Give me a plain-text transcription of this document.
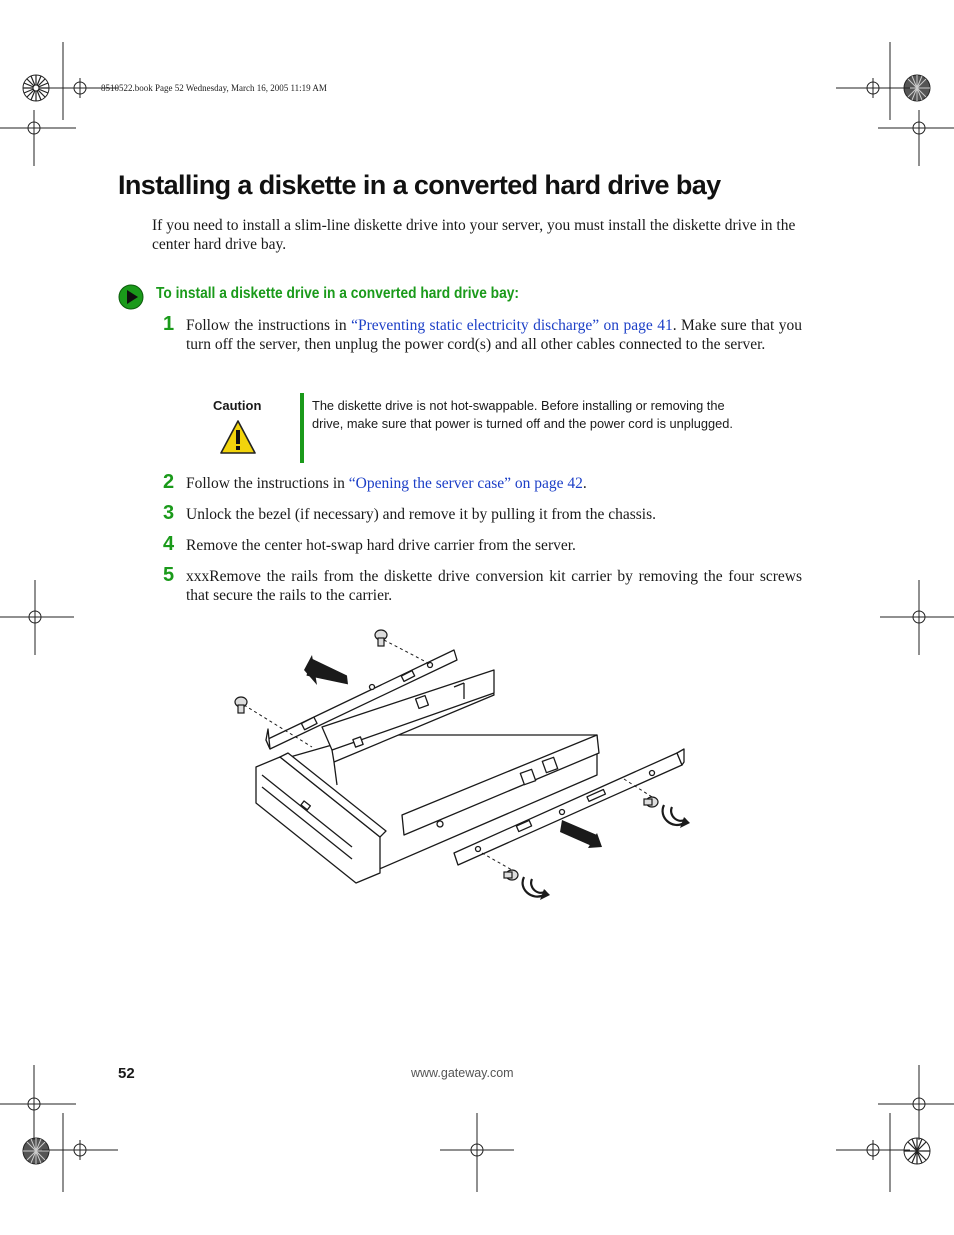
8510522.book Page 52 Wednesday, March 16, 2005 11:19 AM
Installing a diskette in a converted hard drive bay
If you need to install a slim-line diskette drive into your server, you must install the diskette drive in the center hard drive bay.
To install a diskette drive in a converted hard drive bay:
1 Follow the instructions in “Preventing static electricity discharge” on page 41. Make sure that you turn off the server, then unplug the power cord(s) and all other cables connected to the server.
Caution	The diskette drive is not hot-swappable. Before installing or removing the drive, make sure that power is turned off and the power cord is unplugged.
2 Follow the instructions in “Opening the server case” on page 42.
3 Unlock the bezel (if necessary) and remove it by pulling it from the chassis.
4 Remove the center hot-swap hard drive carrier from the server.
5 xxxRemove the rails from the diskette drive conversion kit carrier by removing the four screws that secure the rails to the carrier.
52	www.gateway.com
